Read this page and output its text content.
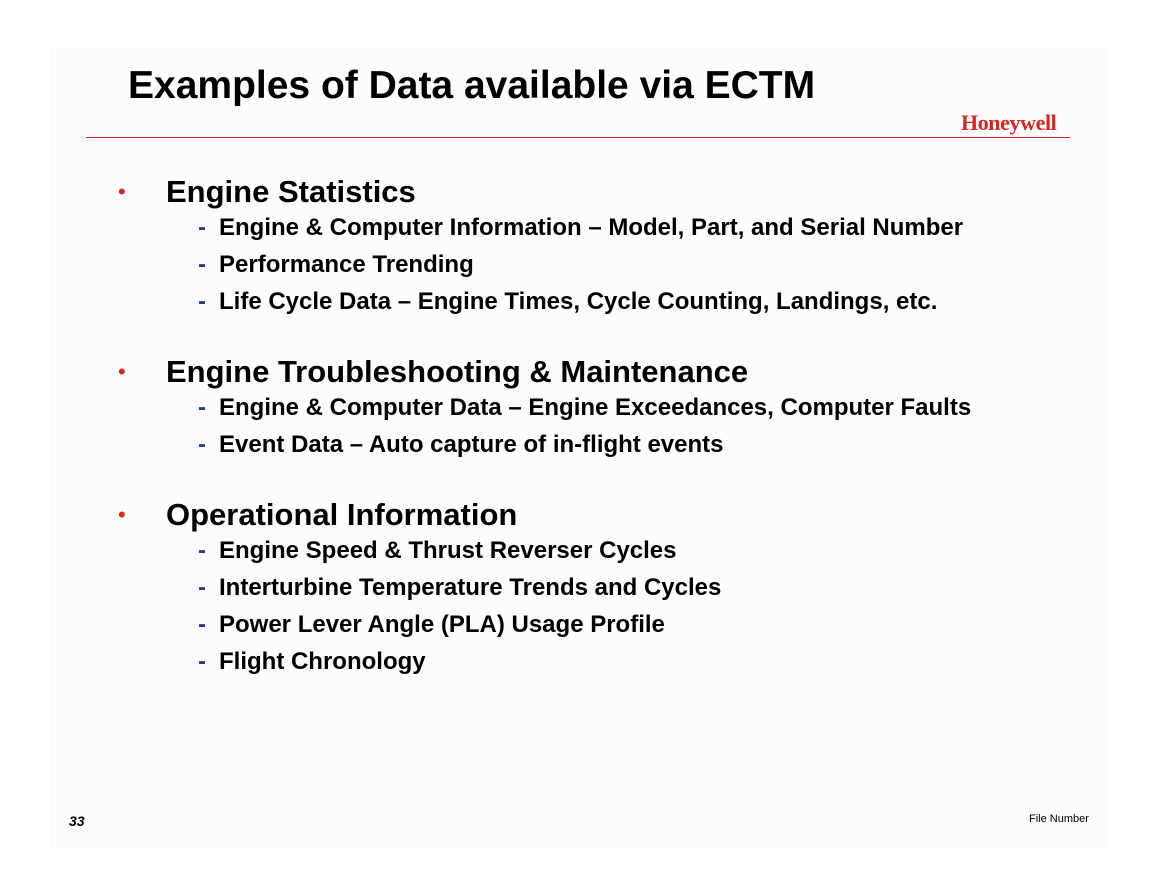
Examples of Data available via ECTM
Honeywell
• Engine Statistics
- Engine & Computer Information – Model, Part, and Serial Number
- Performance Trending
- Life Cycle Data – Engine Times, Cycle Counting, Landings, etc.
• Engine Troubleshooting & Maintenance
- Engine & Computer Data – Engine Exceedances, Computer Faults
- Event Data – Auto capture of in-flight events
• Operational Information
- Engine Speed & Thrust Reverser Cycles
- Interturbine Temperature Trends and Cycles
- Power Lever Angle (PLA) Usage Profile
- Flight Chronology
33	File Number
